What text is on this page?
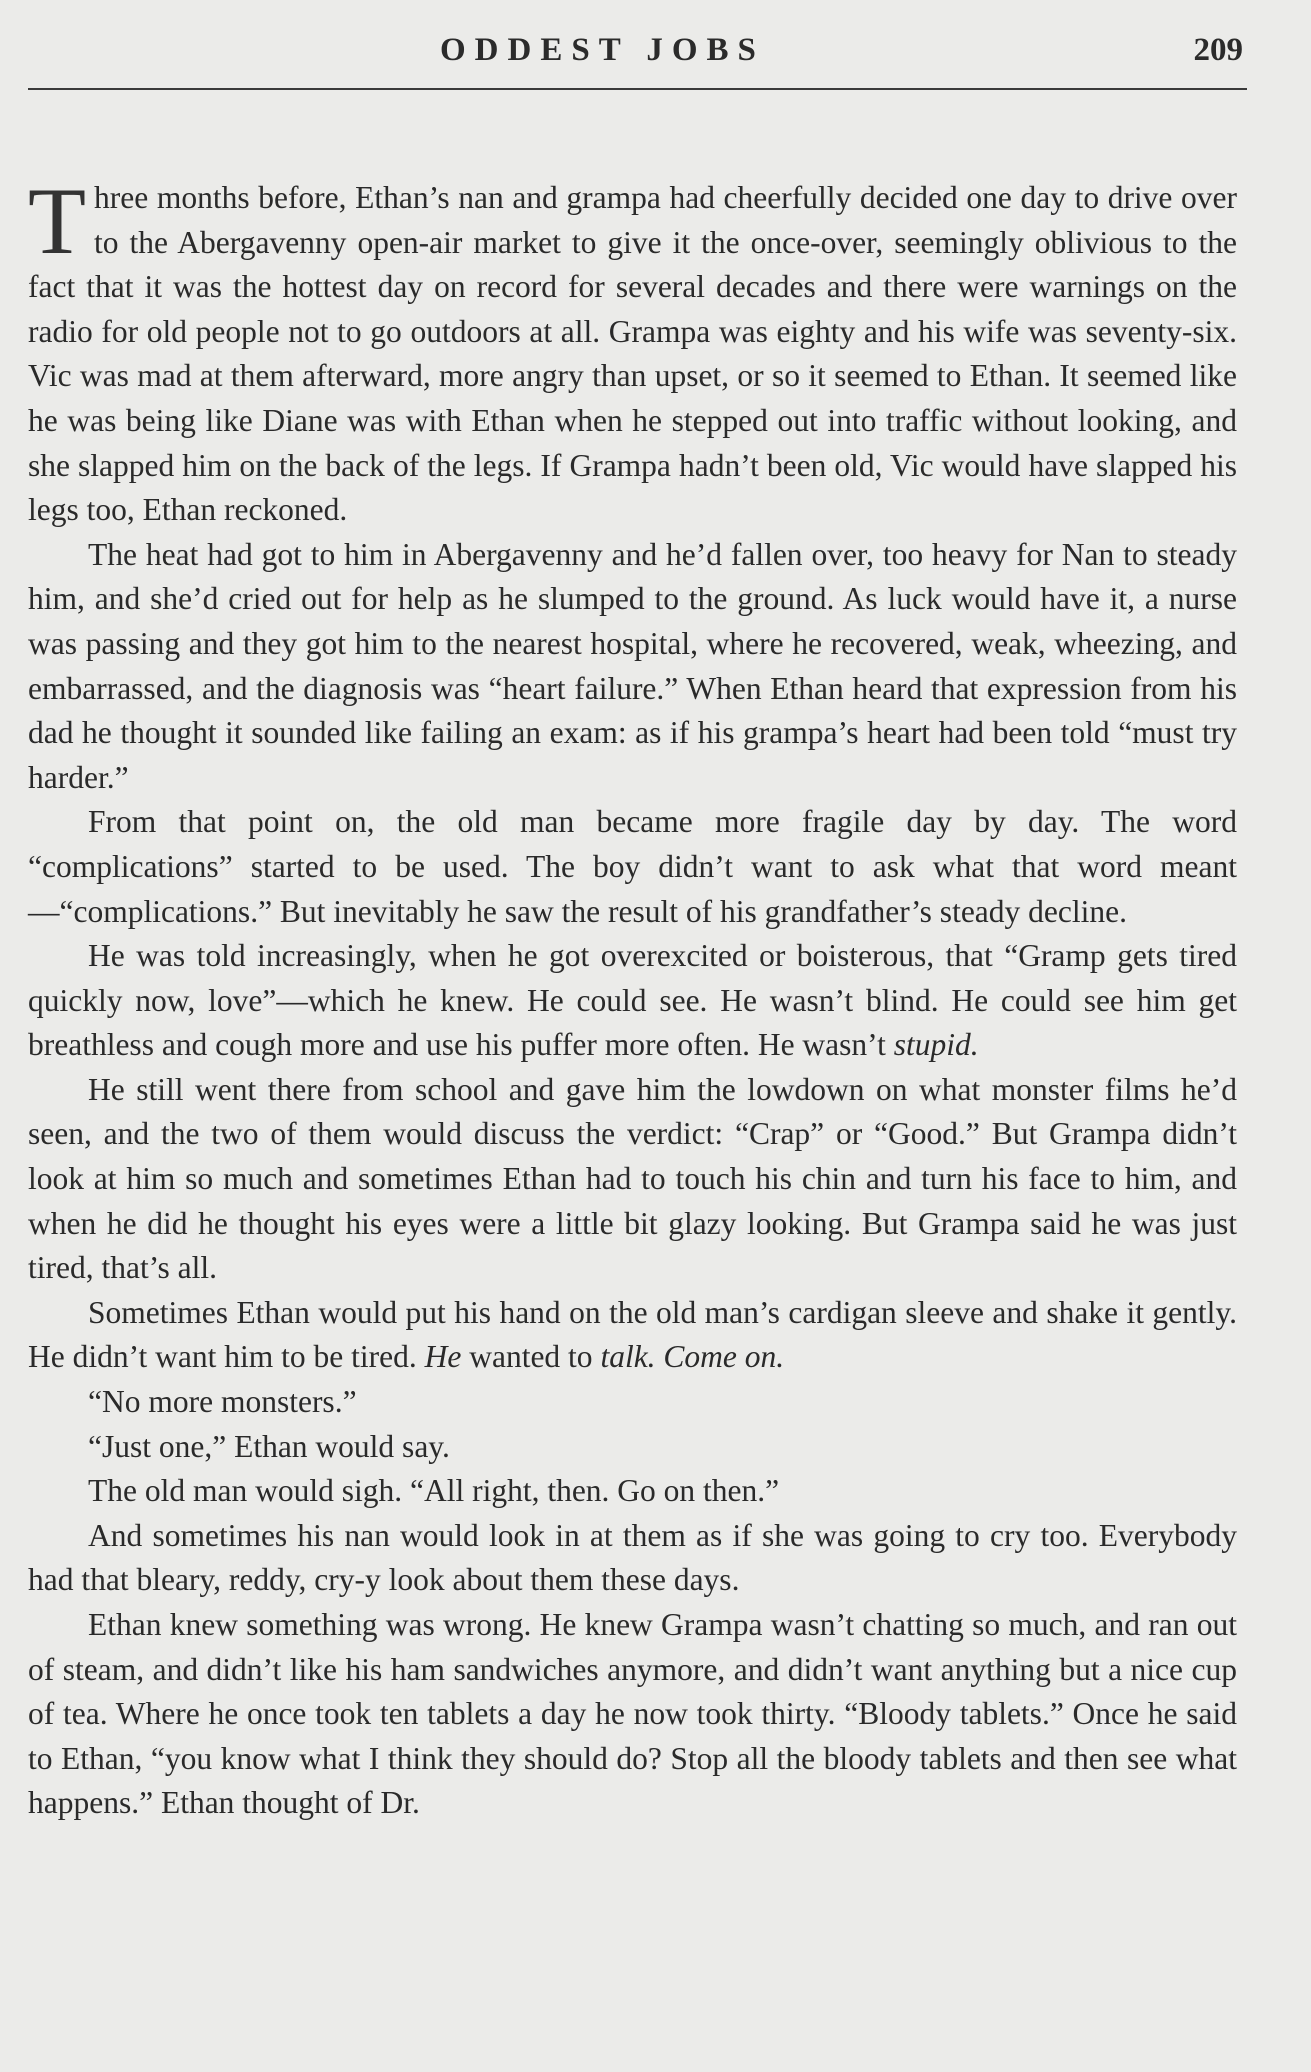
ODDEST JOBS	209

Three months before, Ethan’s nan and grampa had cheerfully decided one day to drive over to the Abergavenny open-air market to give it the once-over, seemingly oblivious to the fact that it was the hottest day on record for several decades and there were warnings on the radio for old people not to go outdoors at all. Grampa was eighty and his wife was seventy-six. Vic was mad at them afterward, more angry than upset, or so it seemed to Ethan. It seemed like he was being like Diane was with Ethan when he stepped out into traffic without looking, and she slapped him on the back of the legs. If Grampa hadn’t been old, Vic would have slapped his legs too, Ethan reckoned.

The heat had got to him in Abergavenny and he’d fallen over, too heavy for Nan to steady him, and she’d cried out for help as he slumped to the ground. As luck would have it, a nurse was passing and they got him to the nearest hospital, where he recovered, weak, wheezing, and embarrassed, and the diagnosis was “heart failure.” When Ethan heard that expression from his dad he thought it sounded like failing an exam: as if his grampa’s heart had been told “must try harder.”

From that point on, the old man became more fragile day by day. The word “complications” started to be used. The boy didn’t want to ask what that word meant—“complications.” But inevitably he saw the result of his grandfather’s steady decline.

He was told increasingly, when he got overexcited or boisterous, that “Gramp gets tired quickly now, love”—which he knew. He could see. He wasn’t blind. He could see him get breathless and cough more and use his puffer more often. He wasn’t stupid.

He still went there from school and gave him the lowdown on what monster films he’d seen, and the two of them would discuss the verdict: “Crap” or “Good.” But Grampa didn’t look at him so much and sometimes Ethan had to touch his chin and turn his face to him, and when he did he thought his eyes were a little bit glazy looking. But Grampa said he was just tired, that’s all.

Sometimes Ethan would put his hand on the old man’s cardigan sleeve and shake it gently. He didn’t want him to be tired. He wanted to talk. Come on.

“No more monsters.”

“Just one,” Ethan would say.

The old man would sigh. “All right, then. Go on then.”

And sometimes his nan would look in at them as if she was going to cry too. Everybody had that bleary, reddy, cry-y look about them these days.

Ethan knew something was wrong. He knew Grampa wasn’t chatting so much, and ran out of steam, and didn’t like his ham sandwiches anymore, and didn’t want anything but a nice cup of tea. Where he once took ten tablets a day he now took thirty. “Bloody tablets.” Once he said to Ethan, “you know what I think they should do? Stop all the bloody tablets and then see what happens.” Ethan thought of Dr.
